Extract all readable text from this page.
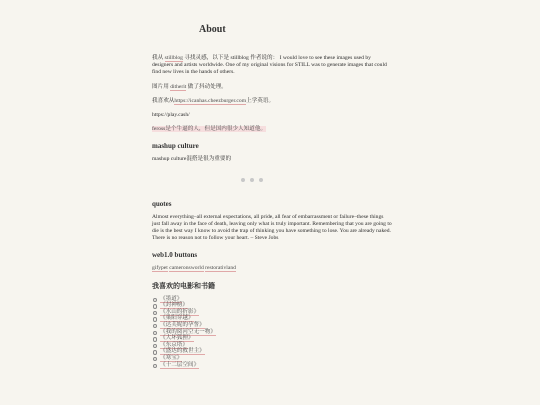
About

我从 stillblog 寻找灵感，以下是 stillblog 作者说的： I would love to see these images used by designers and artists worldwide. One of my original visions for STILL was to generate images that could find new lives in the hands of others.

图片用 ditherit 做了抖动处理。

我喜欢从https://icanhas.cheezburger.com上学英语。

https://play.cash/

feross是个牛逼的人，但是国内很少人知道他。

mashup culture

mashup culture混搭是很为重要的

quotes

Almost everything–all external expectations, all pride, all fear of embarrassment or failure–these things just fall away in the face of death, leaving only what is truly important. Remembering that you are going to die is the best way I know to avoid the trap of thinking you have something to lose. You are already naked. There is no reason not to follow your heart. – Steve Jobs

web1.0 buttons

gifypet cameronsworld restorativland

我喜欢的电影和书籍
《墨道》
《封神榜》
《水山的折影》
《巢阳穿越》
《达芙妮的孕誓》
《我的阅河空无一物》
《大坏狐狸》
《东京塔》
《盛达的救世主》
《寒宝》
《十二层空间》
